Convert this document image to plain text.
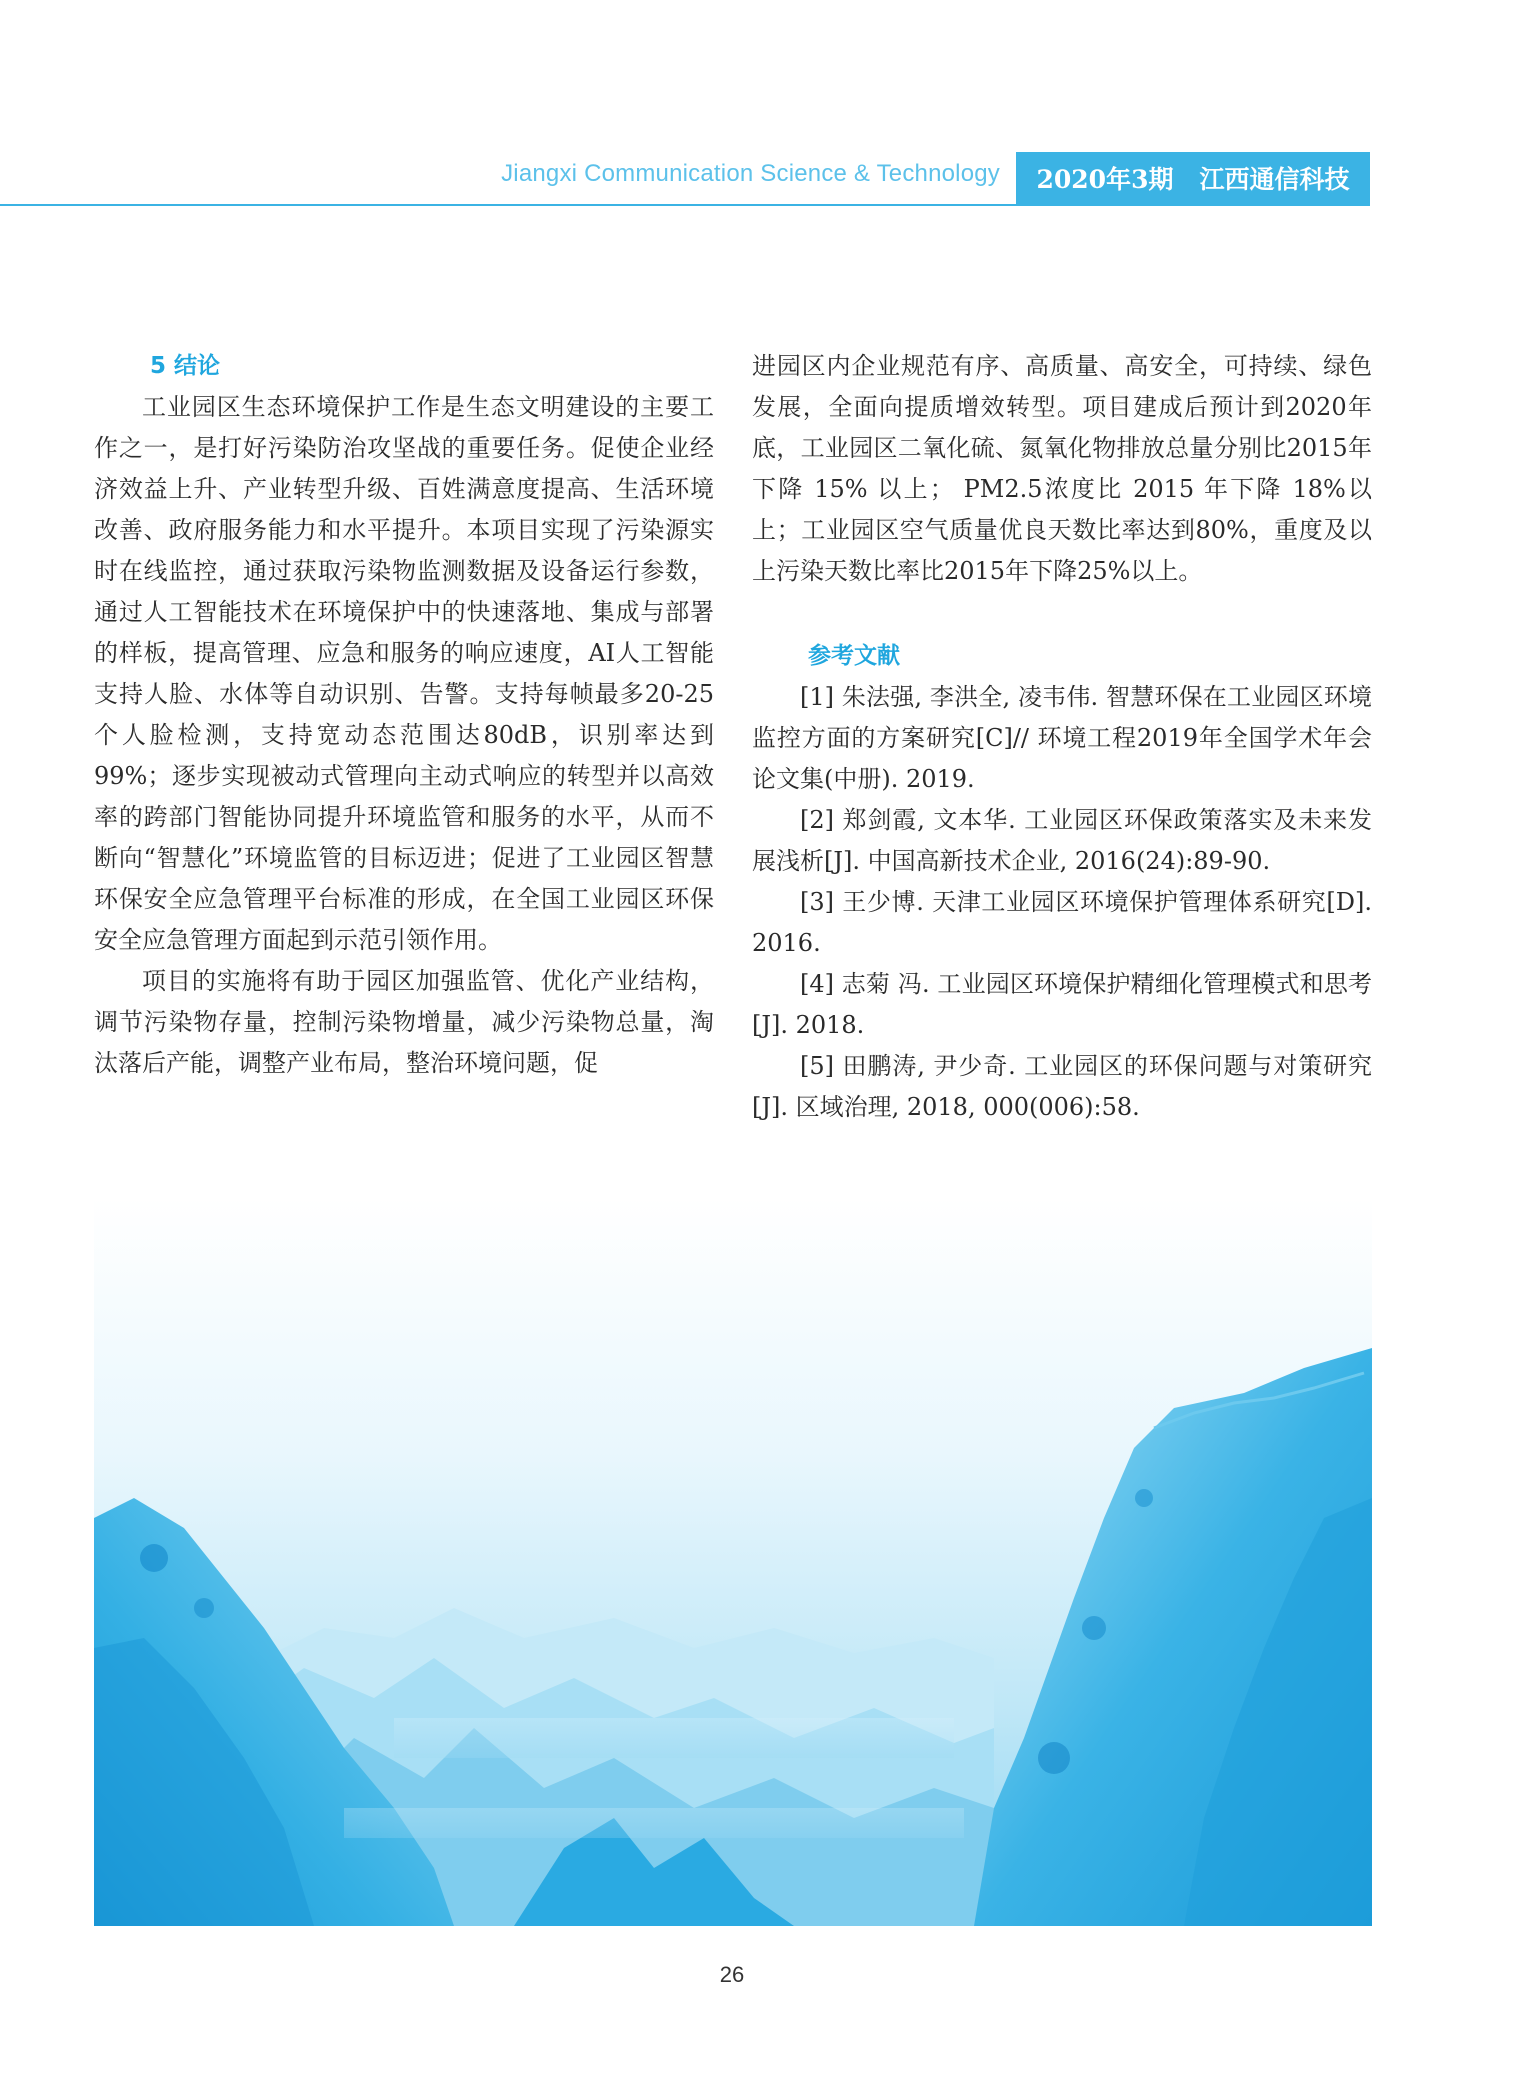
Jiangxi Communication Science & Technology 2020年3期 江西通信科技
5 结论

工业园区生态环境保护工作是生态文明建设的主要工作之一，是打好污染防治攻坚战的重要任务。促使企业经济效益上升、产业转型升级、百姓满意度提高、生活环境改善、政府服务能力和水平提升。本项目实现了污染源实时在线监控，通过获取污染物监测数据及设备运行参数，通过人工智能技术在环境保护中的快速落地、集成与部署的样板，提高管理、应急和服务的响应速度，AI人工智能支持人脸、水体等自动识别、告警。支持每帧最多20-25个人脸检测，支持宽动态范围达80dB，识别率达到99%；逐步实现被动式管理向主动式响应的转型并以高效率的跨部门智能协同提升环境监管和服务的水平，从而不断向“智慧化”环境监管的目标迈进；促进了工业园区智慧环保安全应急管理平台标准的形成，在全国工业园区环保安全应急管理方面起到示范引领作用。

项目的实施将有助于园区加强监管、优化产业结构，调节污染物存量，控制污染物增量，减少污染物总量，淘汰落后产能，调整产业布局，整治环境问题，促

进园区内企业规范有序、高质量、高安全，可持续、绿色发展，全面向提质增效转型。项目建成后预计到2020年底，工业园区二氧化硫、氮氧化物排放总量分别比2015年下降 15% 以上； PM2.5浓度比 2015 年下降 18%以上；工业园区空气质量优良天数比率达到80%，重度及以上污染天数比率比2015年下降25%以上。

参考文献

[1] 朱法强, 李洪全, 凌韦伟. 智慧环保在工业园区环境监控方面的方案研究[C]// 环境工程2019年全国学术年会论文集(中册). 2019.

[2] 郑剑霞, 文本华. 工业园区环保政策落实及未来发展浅析[J]. 中国高新技术企业, 2016(24):89-90.

[3] 王少博. 天津工业园区环境保护管理体系研究[D]. 2016.

[4] 志菊 冯. 工业园区环境保护精细化管理模式和思考[J]. 2018.

[5] 田鹏涛, 尹少奇. 工业园区的环保问题与对策研究[J]. 区域治理, 2018, 000(006):58.

26
